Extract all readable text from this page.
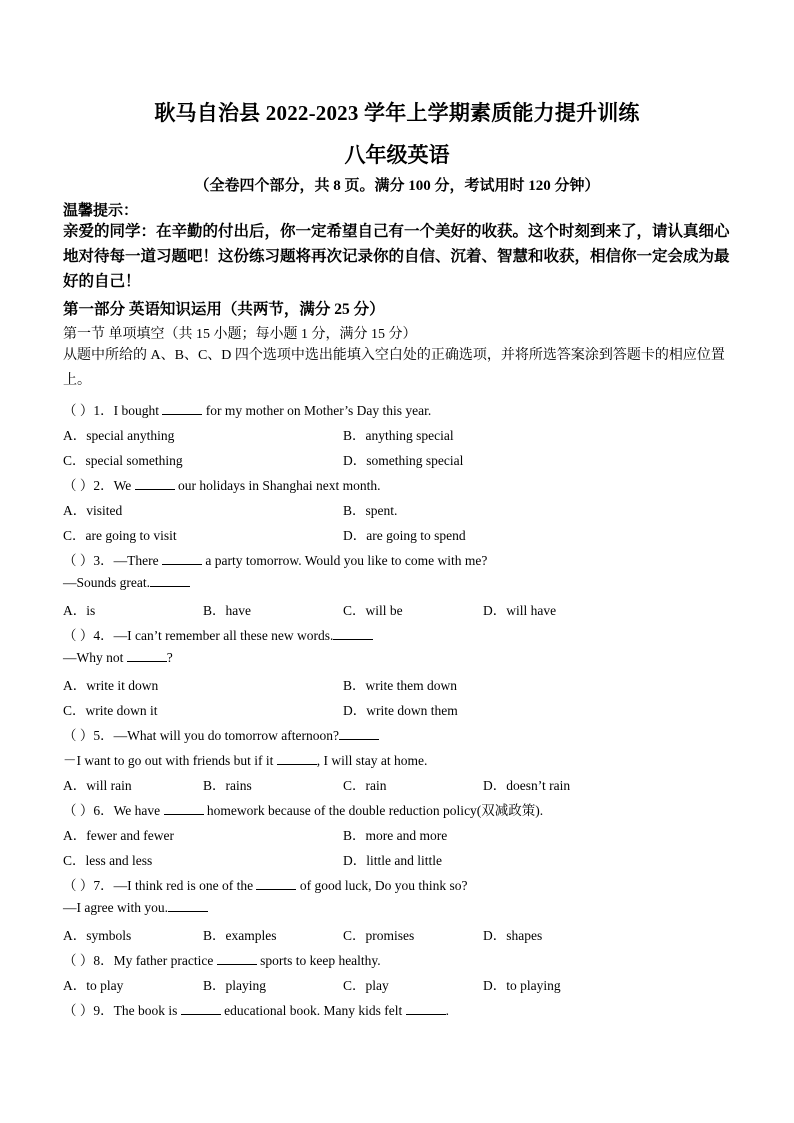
耿马自治县 2022-2023 学年上学期素质能力提升训练
八年级英语
（全卷四个部分，共 8 页。满分 100 分，考试用时 120 分钟）
温馨提示：
亲爱的同学：在辛勤的付出后，你一定希望自己有一个美好的收获。这个时刻到来了，请认真细心地对待每一道习题吧！这份练习题将再次记录你的自信、沉着、智慧和收获，相信你一定会成为最好的自己！
第一部分 英语知识运用（共两节，满分 25 分）
第一节 单项填空（共 15 小题；每小题 1 分，满分 15 分）
从题中所给的 A、B、C、D 四个选项中选出能填入空白处的正确选项，并将所选答案涂到答题卡的相应位置上。
（ ）1．I bought	for my mother on Mother’s Day this year.
A．special anything	B．anything special
C．special something	D．something special
（ ）2．We	our holidays in Shanghai next month.
A．visited	B．spent.
C．are going to visit	D．are going to spend
（ ）3．—There	a party tomorrow. Would you like to come with me?
—Sounds great.
A．is	B．have	C．will be	D．will have
（ ）4．—I can’t remember all these new words.
—Why not	?
A．write it down	B．write them down
C．write down it	D．write down them
（ ）5．—What will you do tomorrow afternoon?
－I want to go out with friends but if it	, I will stay at home.
A．will rain	B．rains	C．rain	D．doesn’t rain
（ ）6．We have	homework because of the double reduction policy(双减政策).
A．fewer and fewer	B．more and more
C．less and less	D．little and little
（ ）7．—I think red is one of the	of good luck, Do you think so?
—I agree with you.
A．symbols	B．examples	C．promises	D．shapes
（ ）8．My father practice	sports to keep healthy.
A．to play	B．playing	C．play	D．to playing
（ ）9．The book is	educational book. Many kids felt	.
